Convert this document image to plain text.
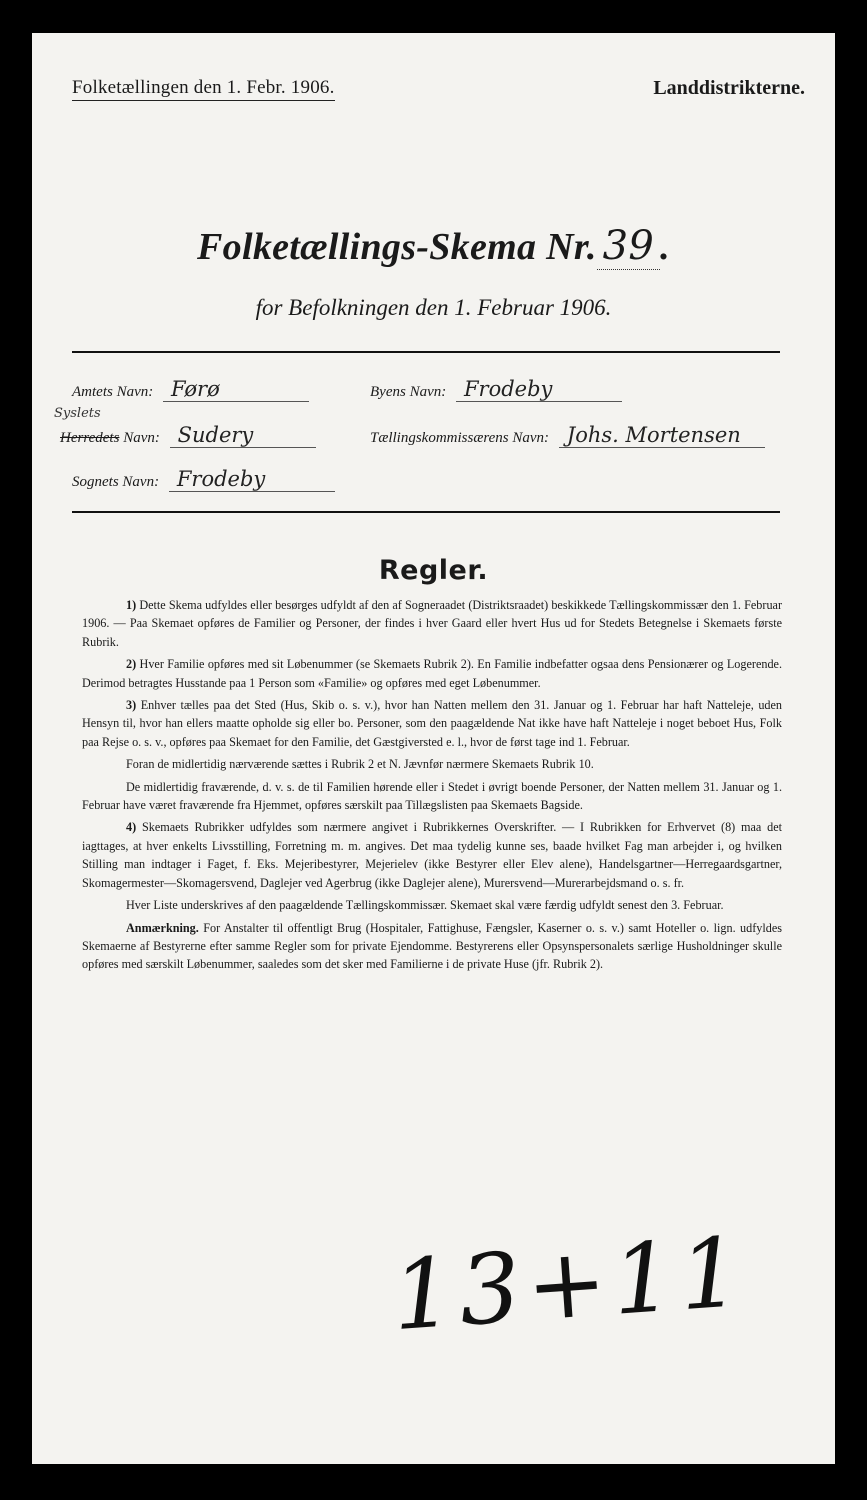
Folketællingen den 1. Febr. 1906.	Landdistrikterne.
Folketællings-Skema Nr. 39 .
for Befolkningen den 1. Februar 1906.
Amtets Navn: Førø	Byens Navn: Frodeby
Syslets
Herredets Navn: Sudery	Tællingskommissærens Navn: Johs. Mortensen
Sognets Navn: Frodeby
Regler.

1) Dette Skema udfyldes eller besørges udfyldt af den af Sogneraadet (Distriktsraadet) beskikkede Tællingskommissær den 1. Februar 1906. — Paa Skemaet opføres de Familier og Personer, der findes i hver Gaard eller hvert Hus ud for Stedets Betegnelse i Skemaets første Rubrik.

2) Hver Familie opføres med sit Løbenummer (se Skemaets Rubrik 2). En Familie indbefatter ogsaa dens Pensionærer og Logerende. Derimod betragtes Husstande paa 1 Person som «Familie» og opføres med eget Løbenummer.

3) Enhver tælles paa det Sted (Hus, Skib o. s. v.), hvor han Natten mellem den 31. Januar og 1. Februar har haft Natteleje, uden Hensyn til, hvor han ellers maatte opholde sig eller bo. Personer, som den paagældende Nat ikke have haft Natteleje i noget beboet Hus, Folk paa Rejse o. s. v., opføres paa Skemaet for den Familie, det Gæstgiversted e. l., hvor de først tage ind 1. Februar.

Foran de midlertidig nærværende sættes i Rubrik 2 et N. Jævnfør nærmere Skemaets Rubrik 10.

De midlertidig fraværende, d. v. s. de til Familien hørende eller i Stedet i øvrigt boende Personer, der Natten mellem 31. Januar og 1. Februar have været fraværende fra Hjemmet, opføres særskilt paa Tillægslisten paa Skemaets Bagside.

4) Skemaets Rubrikker udfyldes som nærmere angivet i Rubrikkernes Overskrifter. — I Rubrikken for Erhvervet (8) maa det iagttages, at hver enkelts Livsstilling, Forretning m. m. angives. Det maa tydelig kunne ses, baade hvilket Fag man arbejder i, og hvilken Stilling man indtager i Faget, f. Eks. Mejeribestyrer, Mejerielev (ikke Bestyrer eller Elev alene), Handelsgartner—Herregaardsgartner, Skomagermester—Skomagersvend, Daglejer ved Agerbrug (ikke Daglejer alene), Murersvend—Murerarbejdsmand o. s. fr.

Hver Liste underskrives af den paagældende Tællingskommissær. Skemaet skal være færdig udfyldt senest den 3. Februar.

Anmærkning. For Anstalter til offentligt Brug (Hospitaler, Fattighuse, Fængsler, Kaserner o. s. v.) samt Hoteller o. lign. udfyldes Skemaerne af Bestyrerne efter samme Regler som for private Ejendomme. Bestyrerens eller Opsynspersonalets særlige Husholdninger skulle opføres med særskilt Løbenummer, saaledes som det sker med Familierne i de private Huse (jfr. Rubrik 2).

13+11
